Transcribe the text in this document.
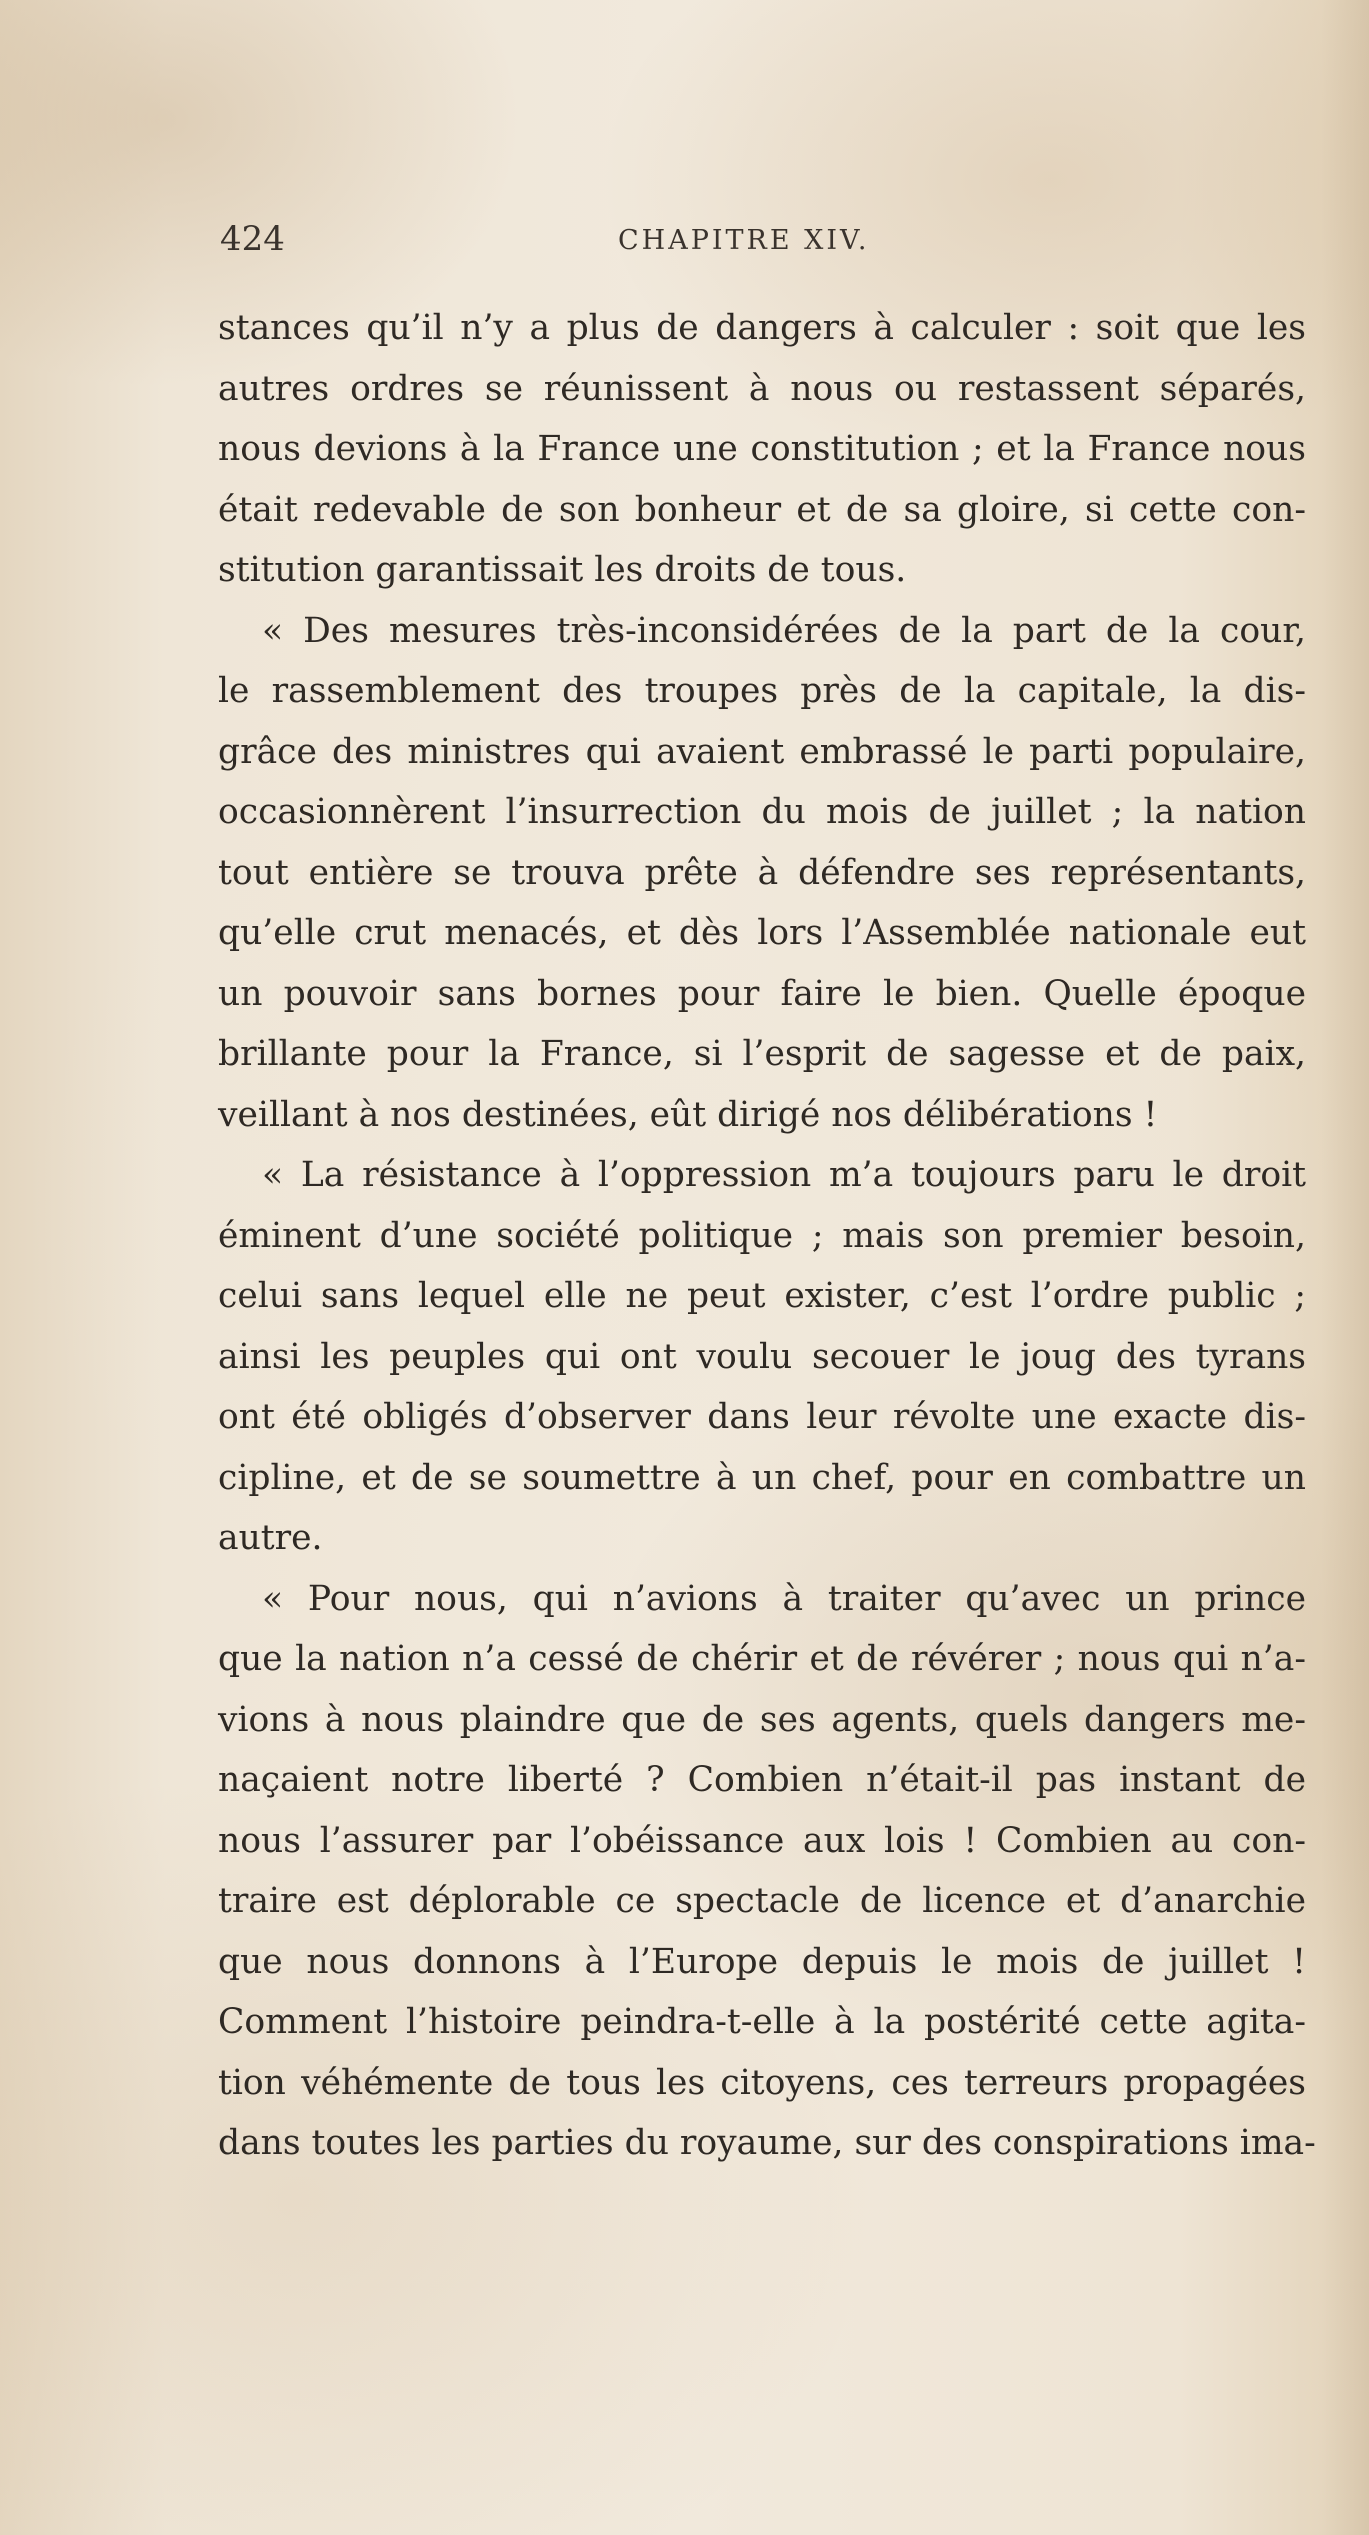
424	CHAPITRE XIV.
stances qu’il n’y a plus de dangers à calculer : soit que les
autres ordres se réunissent à nous ou restassent séparés,
nous devions à la France une constitution ; et la France nous
était redevable de son bonheur et de sa gloire, si cette con-
stitution garantissait les droits de tous.
« Des mesures très-inconsidérées de la part de la cour,
le rassemblement des troupes près de la capitale, la dis-
grâce des ministres qui avaient embrassé le parti populaire,
occasionnèrent l’insurrection du mois de juillet ; la nation
tout entière se trouva prête à défendre ses représentants,
qu’elle crut menacés, et dès lors l’Assemblée nationale eut
un pouvoir sans bornes pour faire le bien. Quelle époque
brillante pour la France, si l’esprit de sagesse et de paix,
veillant à nos destinées, eût dirigé nos délibérations !
« La résistance à l’oppression m’a toujours paru le droit
éminent d’une société politique ; mais son premier besoin,
celui sans lequel elle ne peut exister, c’est l’ordre public ;
ainsi les peuples qui ont voulu secouer le joug des tyrans
ont été obligés d’observer dans leur révolte une exacte dis-
cipline, et de se soumettre à un chef, pour en combattre un
autre.
« Pour nous, qui n’avions à traiter qu’avec un prince
que la nation n’a cessé de chérir et de révérer ; nous qui n’a-
vions à nous plaindre que de ses agents, quels dangers me-
naçaient notre liberté ? Combien n’était-il pas instant de
nous l’assurer par l’obéissance aux lois ! Combien au con-
traire est déplorable ce spectacle de licence et d’anarchie
que nous donnons à l’Europe depuis le mois de juillet !
Comment l’histoire peindra-t-elle à la postérité cette agita-
tion véhémente de tous les citoyens, ces terreurs propagées
dans toutes les parties du royaume, sur des conspirations ima-
